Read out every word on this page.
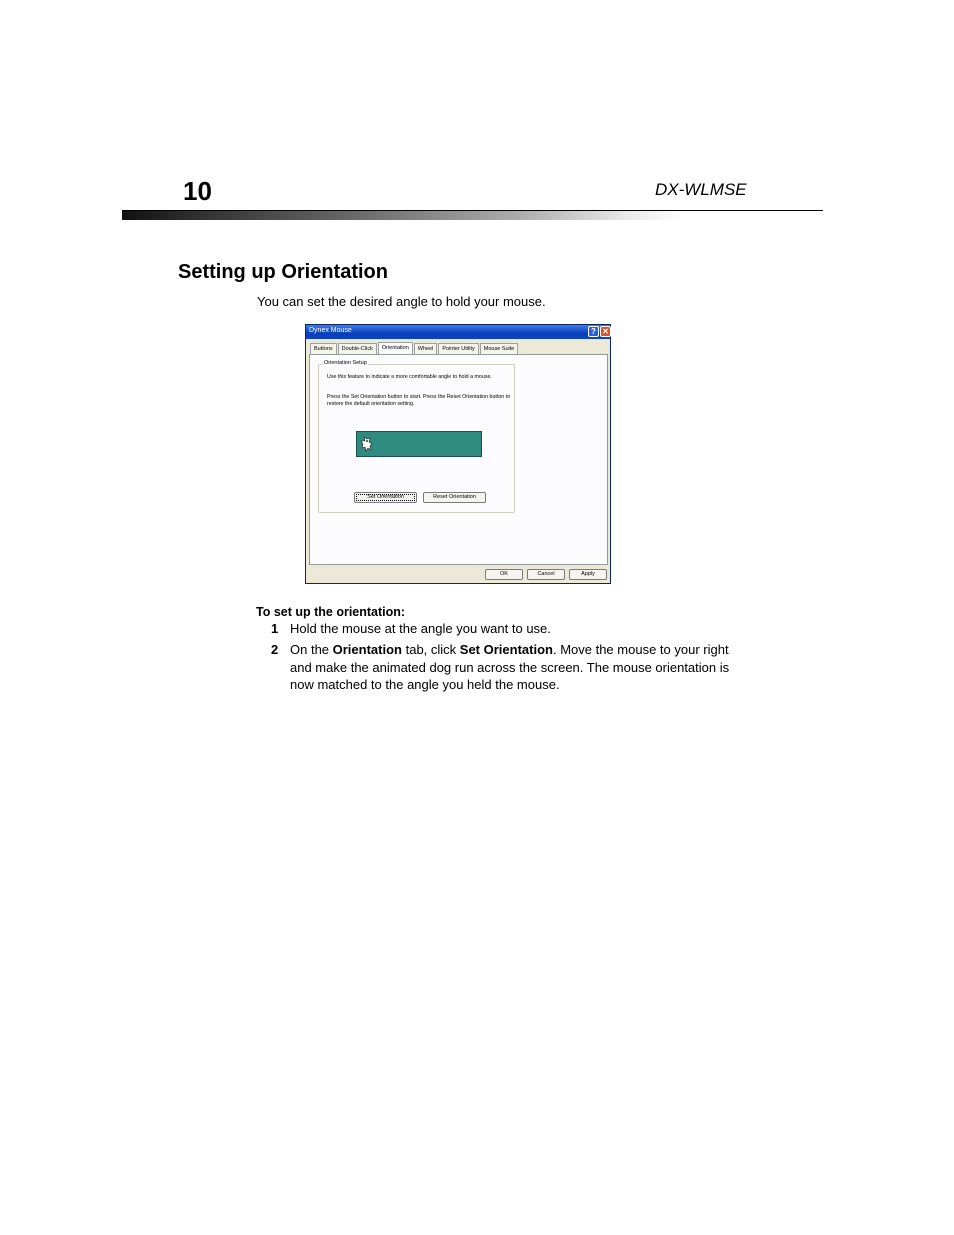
10	DX-WLMSE
Setting up Orientation
You can set the desired angle to hold your mouse.
Dynex Mouse	? ✕
Buttons	Double-Click	Orientation	Wheel	Pointer Utility	Mouse Suite
Orientation Setup
Use this feature to indicate a more comfortable angle to hold a mouse.
Press the Set Orientation button to start. Press the Reset Orientation button to restore the default orientation setting.
Set Orientation	Reset Orientation
OK	Cancel	Apply
To set up the orientation:
1 Hold the mouse at the angle you want to use.
2 On the Orientation tab, click Set Orientation. Move the mouse to your right and make the animated dog run across the screen. The mouse orientation is now matched to the angle you held the mouse.
